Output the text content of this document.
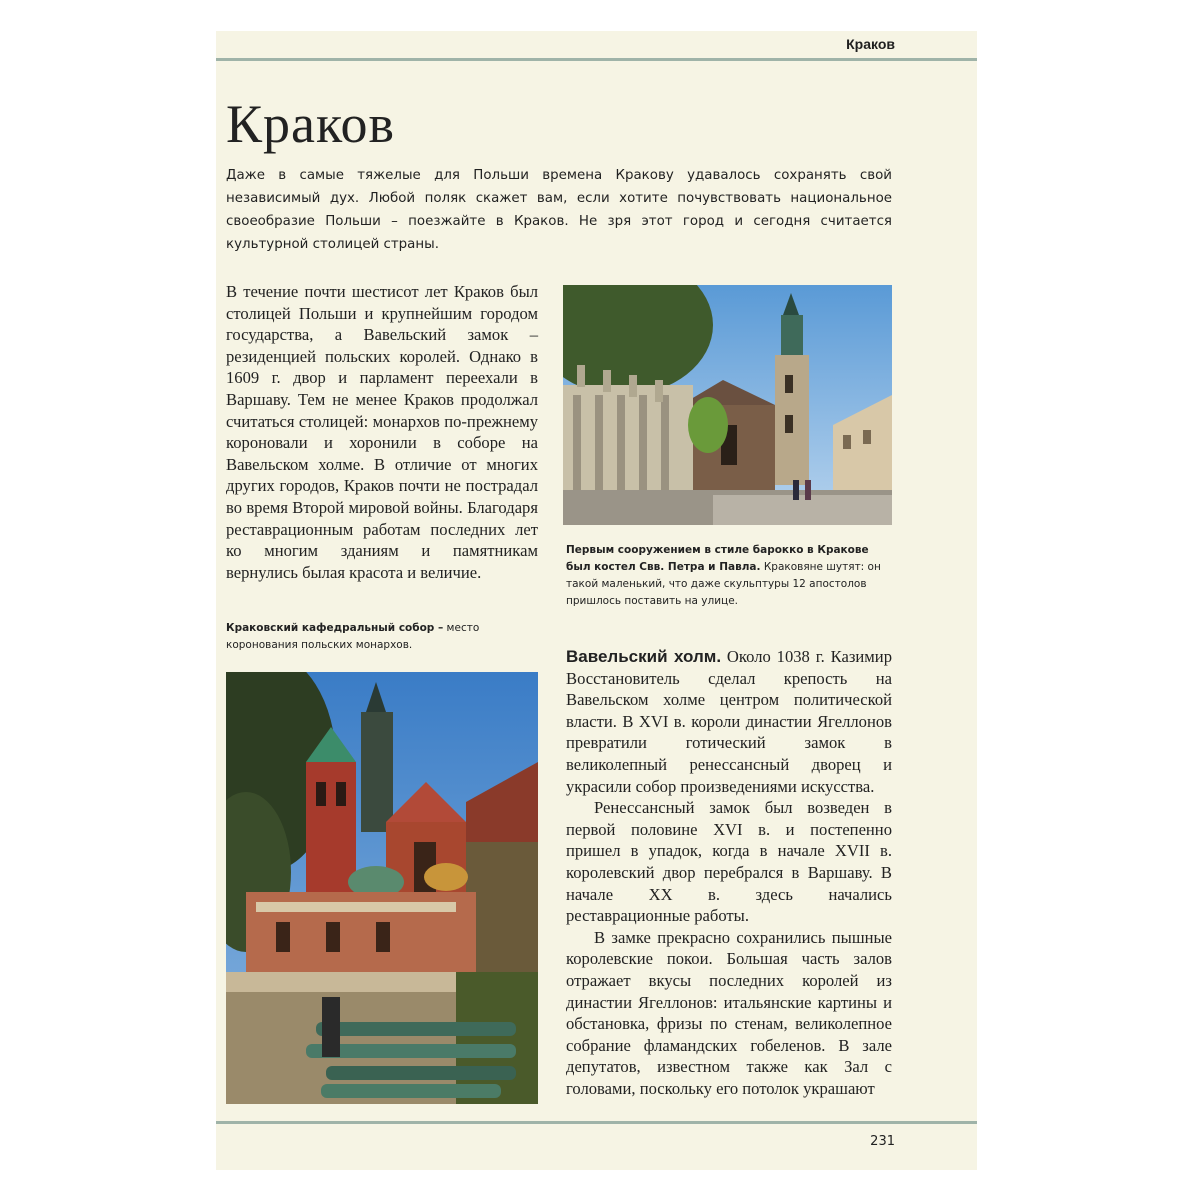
Краков
Краков

Даже в самые тяжелые для Польши времена Кракову удавалось сохранять свой независимый дух. Любой поляк скажет вам, если хотите почувствовать национальное своеобразие Польши – поезжайте в Краков. Не зря этот город и сегодня считается культурной столицей страны.

В течение почти шестисот лет Краков был столицей Польши и крупнейшим городом государства, а Вавельский замок – резиденцией польских королей. Однако в 1609 г. двор и парламент переехали в Варшаву. Тем не менее Краков продолжал считаться столицей: монархов по-прежнему короновали и хоронили в соборе на Вавельском холме. В отличие от многих других городов, Краков почти не пострадал во время Второй мировой войны. Благодаря реставрационным работам последних лет ко многим зданиям и памятникам вернулись былая красота и величие.

Краковский кафедральный собор – место коронования польских монархов.

Первым сооружением в стиле барокко в Кракове был костел Свв. Петра и Павла. Краковяне шутят: он такой маленький, что даже скульптуры 12 апостолов пришлось поставить на улице.

Вавельский холм. Около 1038 г. Казимир Восстановитель сделал крепость на Вавельском холме центром политической власти. В XVI в. короли династии Ягеллонов превратили готический замок в великолепный ренессансный дворец и украсили собор произведениями искусства.

Ренессансный замок был возведен в первой половине XVI в. и постепенно пришел в упадок, когда в начале XVII в. королевский двор перебрался в Варшаву. В начале XX в. здесь начались реставрационные работы.

В замке прекрасно сохранились пышные королевские покои. Большая часть залов отражает вкусы последних королей из династии Ягеллонов: итальянские картины и обстановка, фризы по стенам, великолепное собрание фламандских гобеленов. В зале депутатов, известном также как Зал с головами, поскольку его потолок украшают

231
